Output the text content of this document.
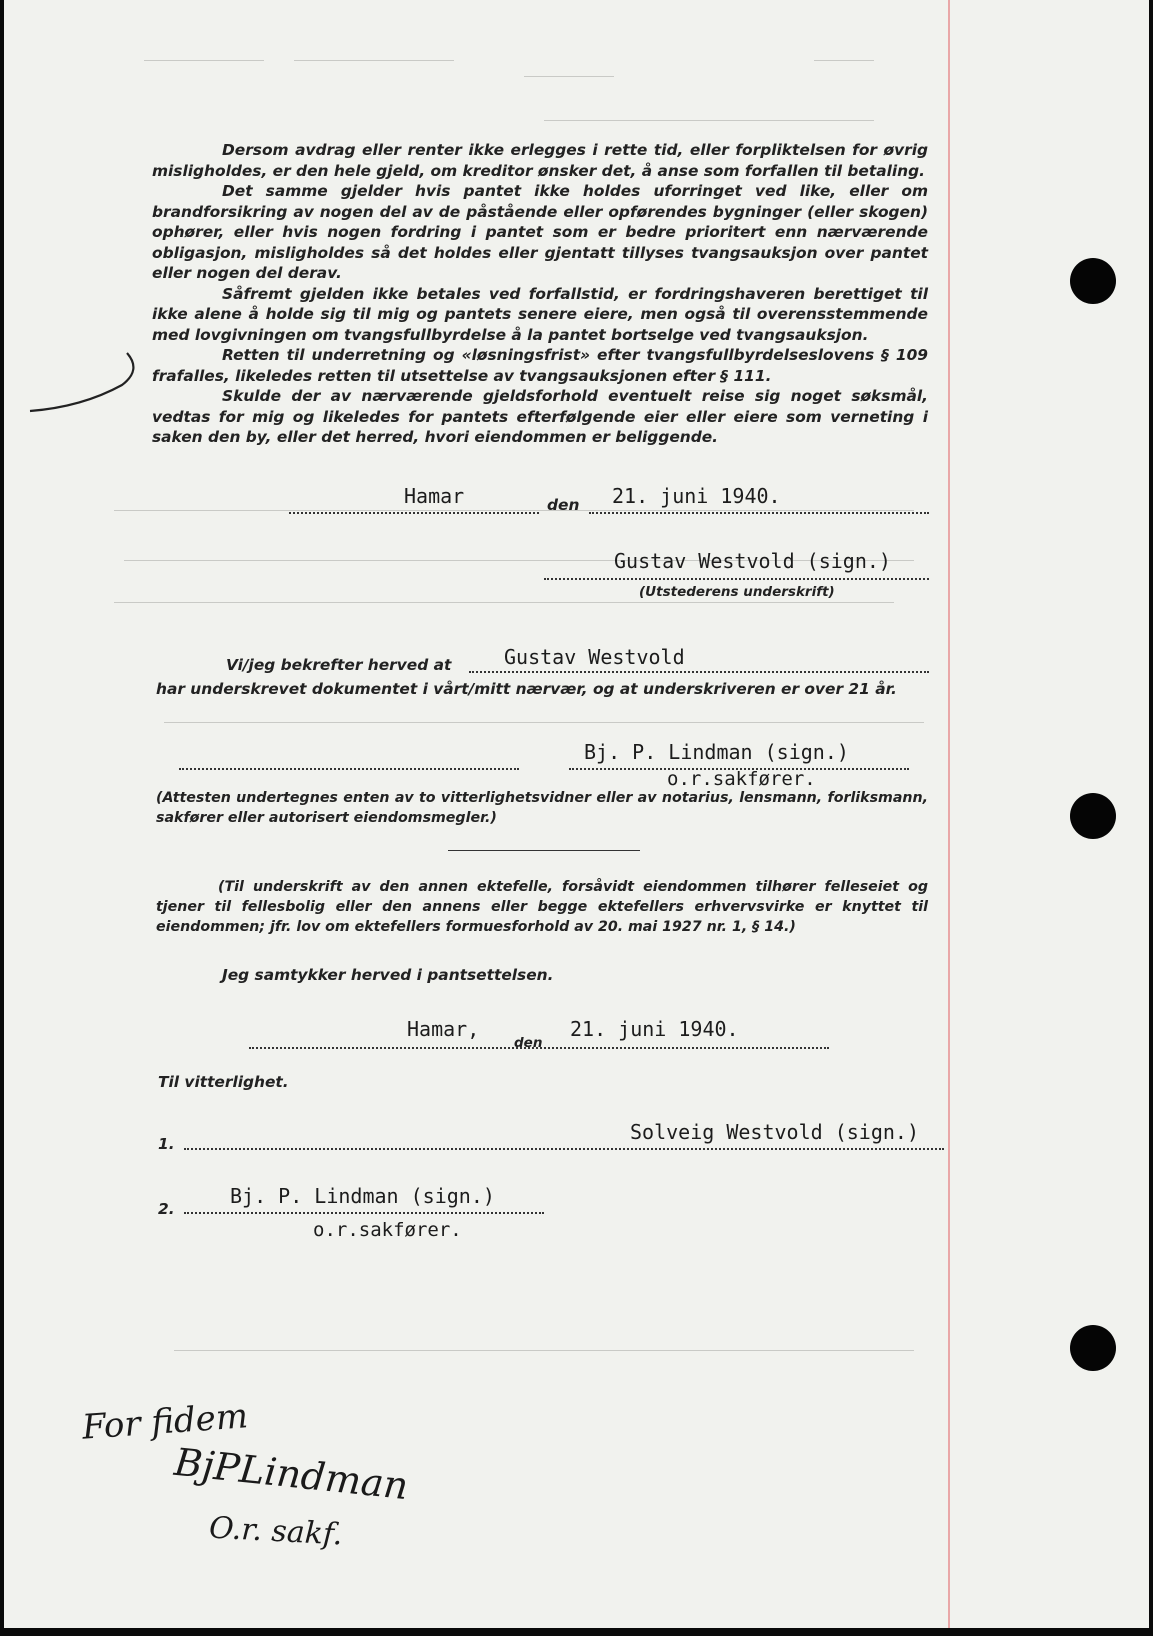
Dersom avdrag eller renter ikke erlegges i rette tid, eller forpliktelsen for øvrig misligholdes, er den hele gjeld, om kreditor ønsker det, å anse som forfallen til betaling.

Det samme gjelder hvis pantet ikke holdes uforringet ved like, eller om brandforsikring av nogen del av de påstående eller opførendes bygninger (eller skogen) ophører, eller hvis nogen fordring i pantet som er bedre prioritert enn nærværende obligasjon, misligholdes så det holdes eller gjentatt tillyses tvangsauksjon over pantet eller nogen del derav.

Såfremt gjelden ikke betales ved forfallstid, er fordringshaveren berettiget til ikke alene å holde sig til mig og pantets senere eiere, men også til overensstemmende med lovgivningen om tvangsfullbyrdelse å la pantet bortselge ved tvangsauksjon.

Retten til underretning og «løsningsfrist» efter tvangsfullbyrdelseslovens § 109 frafalles, likeledes retten til utsettelse av tvangsauksjonen efter § 111.

Skulde der av nærværende gjeldsforhold eventuelt reise sig noget søksmål, vedtas for mig og likeledes for pantets efterfølgende eier eller eiere som verneting i saken den by, eller det herred, hvori eiendommen er beliggende.

Hamar	den 21. juni 1940.
Gustav Westvold (sign.)
(Utstederens underskrift)
Vi/jeg bekrefter herved at	Gustav Westvold
har underskrevet dokumentet i vårt/mitt nærvær, og at underskriveren er over 21 år.
Bj. P. Lindman (sign.)
o.r.sakfører.
(Attesten undertegnes enten av to vitterlighetsvidner eller av notarius, lensmann, forliksmann, sakfører eller autorisert eiendomsmegler.)
(Til underskrift av den annen ektefelle, forsåvidt eiendommen tilhører felleseiet og tjener til fellesbolig eller den annens eller begge ektefellers erhvervsvirke er knyttet til eiendommen; jfr. lov om ektefellers formuesforhold av 20. mai 1927 nr. 1, § 14.)
Jeg samtykker herved i pantsettelsen.
Hamar,
den
21. juni 1940.
Til vitterlighet.
1.	Solveig Westvold (sign.)
2.
Bj. P. Lindman (sign.)
o.r.sakfører.
For fidem
BjPLindman
O.r. sakf.
